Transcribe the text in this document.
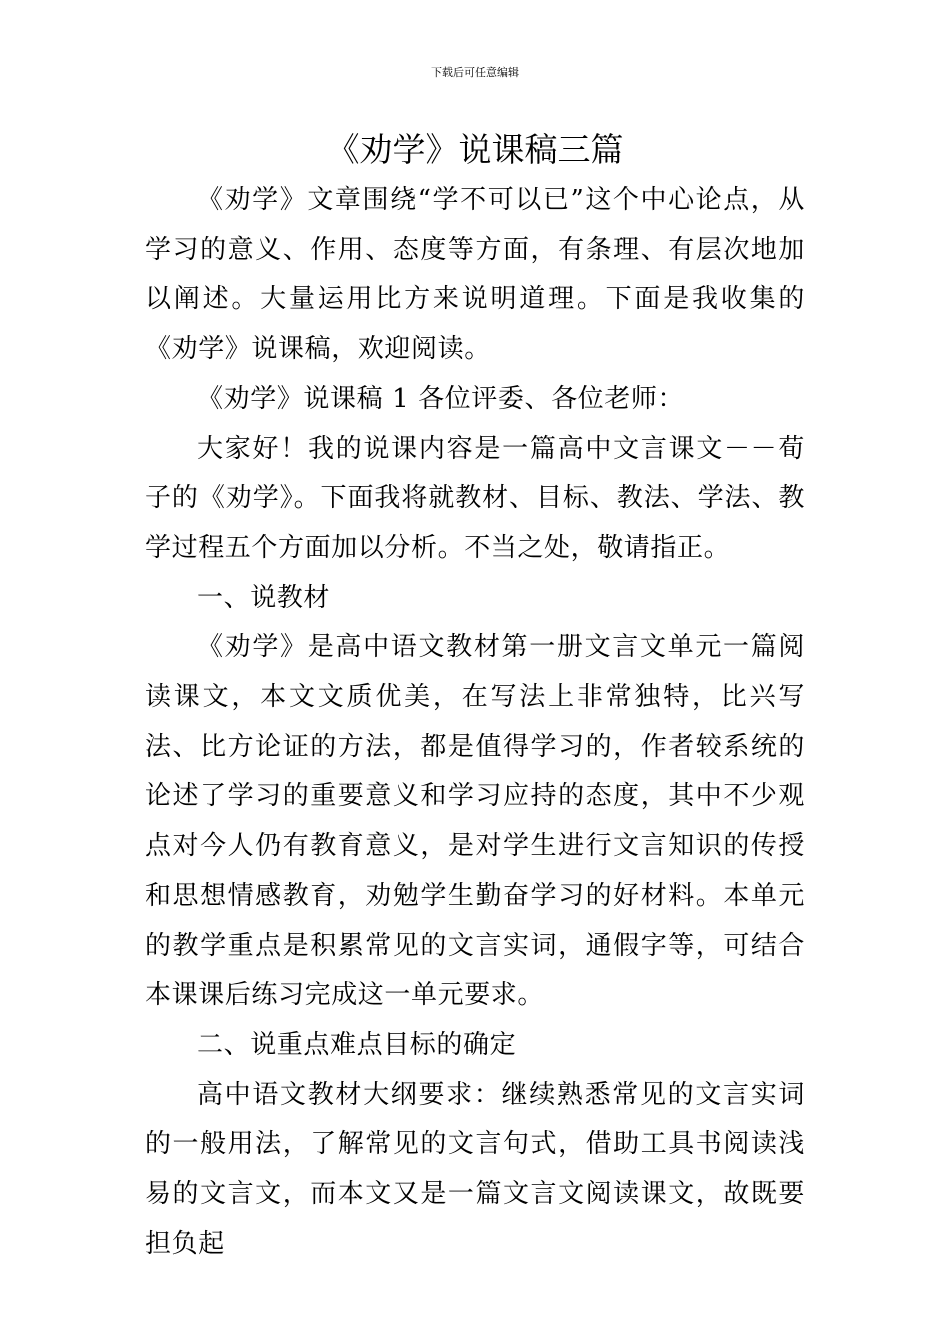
下载后可任意编辑
《劝学》说课稿三篇

《劝学》文章围绕“学不可以已”这个中心论点，从学习的意义、作用、态度等方面，有条理、有层次地加以阐述。大量运用比方来说明道理。下面是我收集的《劝学》说课稿，欢迎阅读。

《劝学》说课稿 1 各位评委、各位老师：

大家好！我的说课内容是一篇高中文言课文－－荀子的《劝学》。下面我将就教材、目标、教法、学法、教学过程五个方面加以分析。不当之处，敬请指正。

一、说教材

《劝学》是高中语文教材第一册文言文单元一篇阅读课文，本文文质优美，在写法上非常独特，比兴写法、比方论证的方法，都是值得学习的，作者较系统的论述了学习的重要意义和学习应持的态度，其中不少观点对今人仍有教育意义，是对学生进行文言知识的传授和思想情感教育，劝勉学生勤奋学习的好材料。本单元的教学重点是积累常见的文言实词，通假字等，可结合本课课后练习完成这一单元要求。

二、说重点难点目标的确定

高中语文教材大纲要求：继续熟悉常见的文言实词的一般用法，了解常见的文言句式，借助工具书阅读浅易的文言文，而本文又是一篇文言文阅读课文，故既要担负起
